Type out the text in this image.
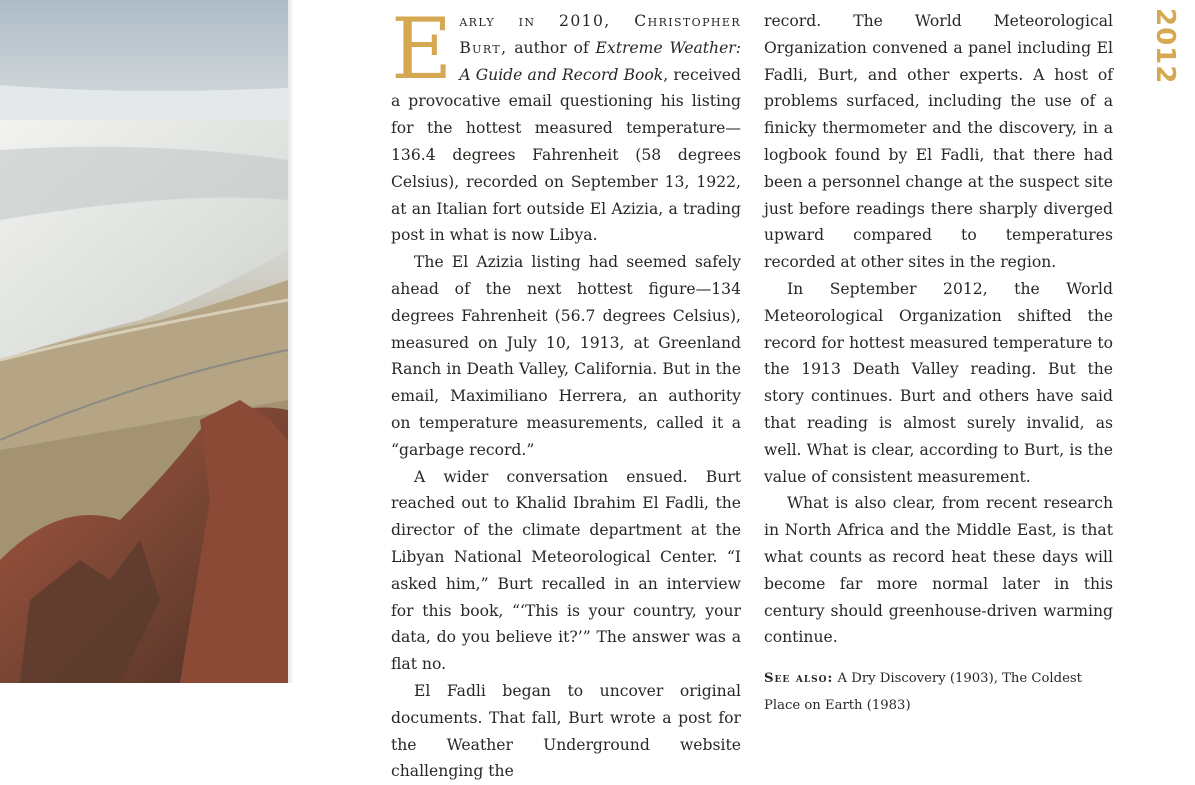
Early in 2010, Christopher Burt, author of Extreme Weather: A Guide and Record Book, received a provocative email questioning his listing for the hottest measured temperature—136.4 degrees Fahrenheit (58 degrees Celsius), recorded on September 13, 1922, at an Italian fort outside El Azizia, a trading post in what is now Libya.

The El Azizia listing had seemed safely ahead of the next hottest figure—134 degrees Fahrenheit (56.7 degrees Celsius), measured on July 10, 1913, at Greenland Ranch in Death Valley, California. But in the email, Maximiliano Herrera, an authority on temperature measurements, called it a “garbage record.”

A wider conversation ensued. Burt reached out to Khalid Ibrahim El Fadli, the director of the climate department at the Libyan National Meteorological Center. “I asked him,” Burt recalled in an interview for this book, “‘This is your country, your data, do you believe it?’” The answer was a flat no.

El Fadli began to uncover original documents. That fall, Burt wrote a post for the Weather Underground website challenging the

record. The World Meteorological Organization convened a panel including El Fadli, Burt, and other experts. A host of problems surfaced, including the use of a finicky thermometer and the discovery, in a logbook found by El Fadli, that there had been a personnel change at the suspect site just before readings there sharply diverged upward compared to temperatures recorded at other sites in the region.

In September 2012, the World Meteorological Organization shifted the record for hottest measured temperature to the 1913 Death Valley reading. But the story continues. Burt and others have said that reading is almost surely invalid, as well. What is clear, according to Burt, is the value of consistent measurement.

What is also clear, from recent research in North Africa and the Middle East, is that what counts as record heat these days will become far more normal later in this century should greenhouse-driven warming continue.

See also: A Dry Discovery (1903), The Coldest Place on Earth (1983)

2012
